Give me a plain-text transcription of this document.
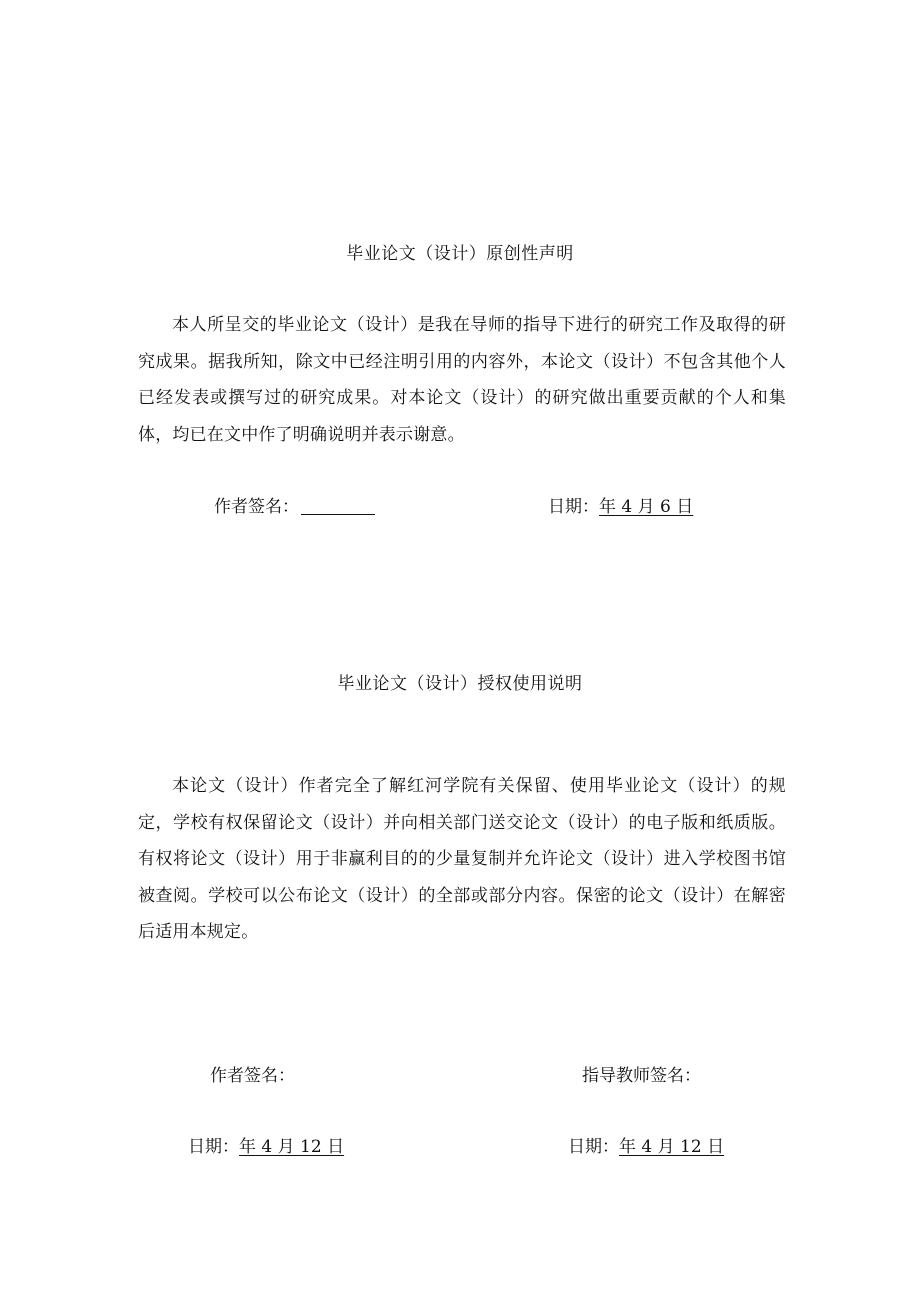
毕业论文（设计）原创性声明

本人所呈交的毕业论文（设计）是我在导师的指导下进行的研究工作及取得的研究成果。据我所知，除文中已经注明引用的内容外，本论文（设计）不包含其他个人已经发表或撰写过的研究成果。对本论文（设计）的研究做出重要贡献的个人和集体，均已在文中作了明确说明并表示谢意。

作者签名：	日期： 年 4 月 6 日
毕业论文（设计）授权使用说明

本论文（设计）作者完全了解红河学院有关保留、使用毕业论文（设计）的规定，学校有权保留论文（设计）并向相关部门送交论文（设计）的电子版和纸质版。有权将论文（设计）用于非赢利目的的少量复制并允许论文（设计）进入学校图书馆被查阅。学校可以公布论文（设计）的全部或部分内容。保密的论文（设计）在解密后适用本规定。

作者签名：	指导教师签名：
日期： 年 4 月 12 日	日期： 年 4 月 12 日
